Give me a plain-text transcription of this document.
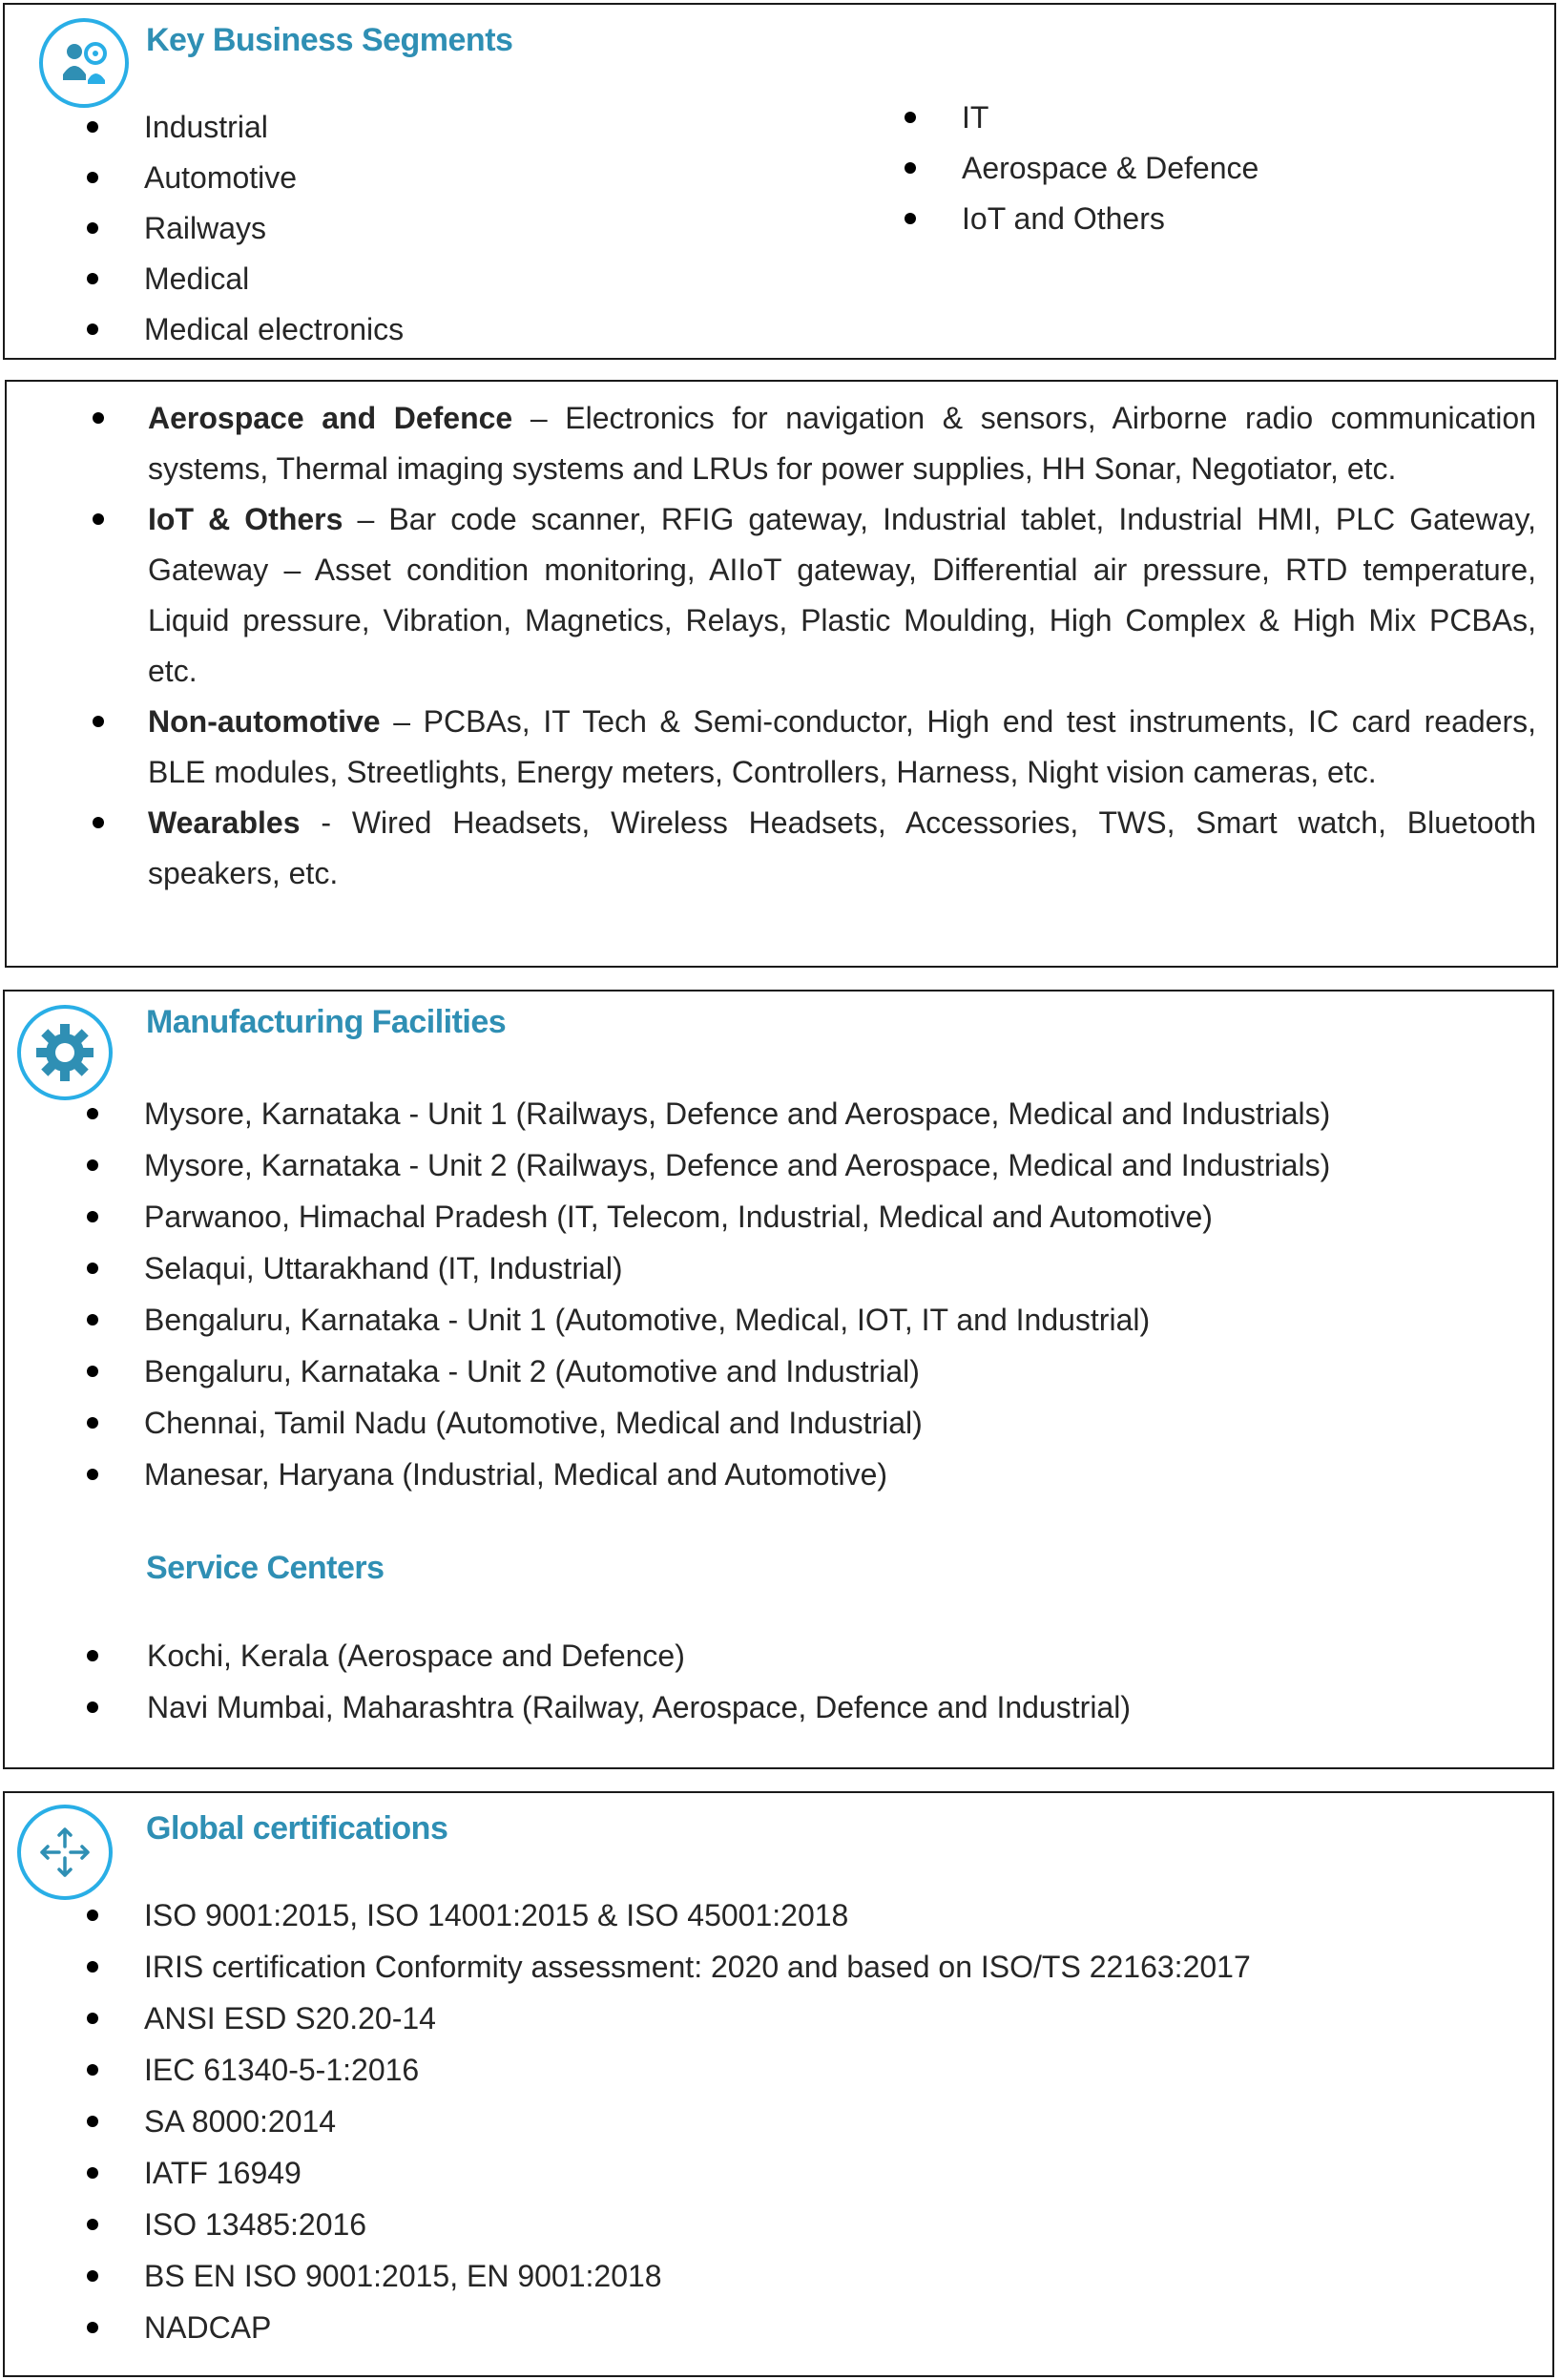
Key Business Segments
Industrial
Automotive
Railways
Medical
Medical electronics
IT
Aerospace & Defence
IoT and Others
Aerospace and Defence – Electronics for navigation & sensors, Airborne radio communication systems, Thermal imaging systems and LRUs for power supplies, HH Sonar, Negotiator, etc.
IoT & Others – Bar code scanner, RFIG gateway, Industrial tablet, Industrial HMI, PLC Gateway, Gateway – Asset condition monitoring, AIIoT gateway, Differential air pressure, RTD temperature, Liquid pressure, Vibration, Magnetics, Relays, Plastic Moulding, High Complex & High Mix PCBAs, etc.
Non-automotive – PCBAs, IT Tech & Semi-conductor, High end test instruments, IC card readers, BLE modules, Streetlights, Energy meters, Controllers, Harness, Night vision cameras, etc.
Wearables - Wired Headsets, Wireless Headsets, Accessories, TWS, Smart watch, Bluetooth speakers, etc.
Manufacturing Facilities
Mysore, Karnataka - Unit 1 (Railways, Defence and Aerospace, Medical and Industrials)
Mysore, Karnataka - Unit 2 (Railways, Defence and Aerospace, Medical and Industrials)
Parwanoo, Himachal Pradesh (IT, Telecom, Industrial, Medical and Automotive)
Selaqui, Uttarakhand (IT, Industrial)
Bengaluru, Karnataka - Unit 1 (Automotive, Medical, IOT, IT and Industrial)
Bengaluru, Karnataka - Unit 2 (Automotive and Industrial)
Chennai, Tamil Nadu (Automotive, Medical and Industrial)
Manesar, Haryana (Industrial, Medical and Automotive)
Service Centers
Kochi, Kerala (Aerospace and Defence)
Navi Mumbai, Maharashtra (Railway, Aerospace, Defence and Industrial)
Global certifications
ISO 9001:2015, ISO 14001:2015 & ISO 45001:2018
IRIS certification Conformity assessment: 2020 and based on ISO/TS 22163:2017
ANSI ESD S20.20-14
IEC 61340-5-1:2016
SA 8000:2014
IATF 16949
ISO 13485:2016
BS EN ISO 9001:2015, EN 9001:2018
NADCAP
